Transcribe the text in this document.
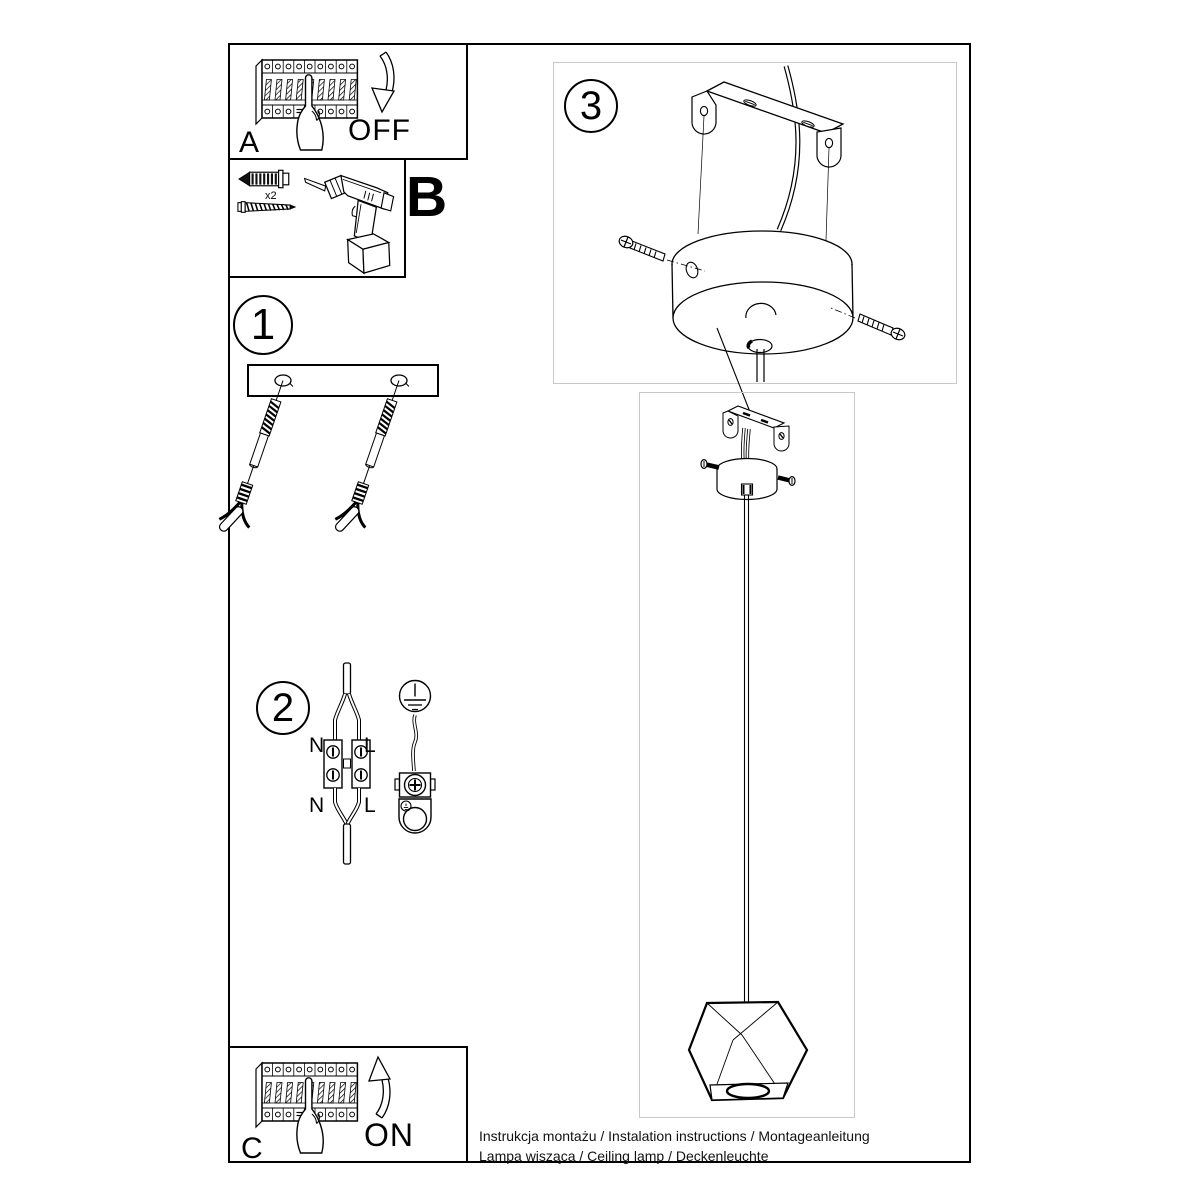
A	OFF
x2 B
1
2
N L
N L
3
C	ON	Instrukcja montażu / Instalation instructions / Montageanleitung
Lampa wisząca / Ceiling lamp / Deckenleuchte
